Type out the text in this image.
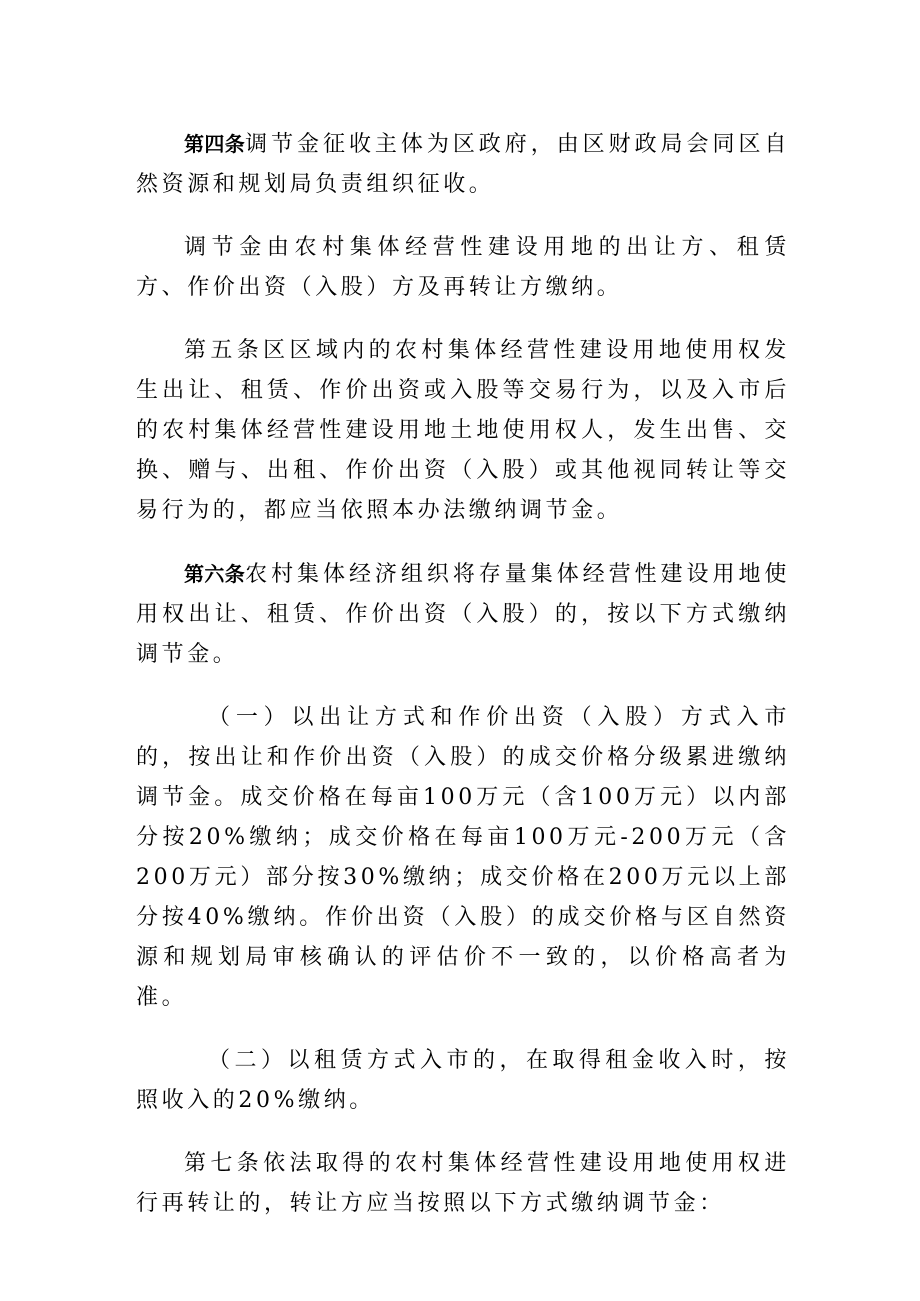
第四条调节金征收主体为区政府，由区财政局会同区自然资源和规划局负责组织征收。

调节金由农村集体经营性建设用地的出让方、租赁方、作价出资（入股）方及再转让方缴纳。

第五条区区域内的农村集体经营性建设用地使用权发生出让、租赁、作价出资或入股等交易行为，以及入市后的农村集体经营性建设用地土地使用权人，发生出售、交换、赠与、出租、作价出资（入股）或其他视同转让等交易行为的，都应当依照本办法缴纳调节金。

第六条农村集体经济组织将存量集体经营性建设用地使用权出让、租赁、作价出资（入股）的，按以下方式缴纳调节金。

（一）以出让方式和作价出资（入股）方式入市的，按出让和作价出资（入股）的成交价格分级累进缴纳调节金。成交价格在每亩100万元（含100万元）以内部分按20%缴纳；成交价格在每亩100万元-200万元（含200万元）部分按30%缴纳；成交价格在200万元以上部分按40%缴纳。作价出资（入股）的成交价格与区自然资源和规划局审核确认的评估价不一致的，以价格高者为准。

（二）以租赁方式入市的，在取得租金收入时，按照收入的20%缴纳。

第七条依法取得的农村集体经营性建设用地使用权进行再转让的，转让方应当按照以下方式缴纳调节金：
